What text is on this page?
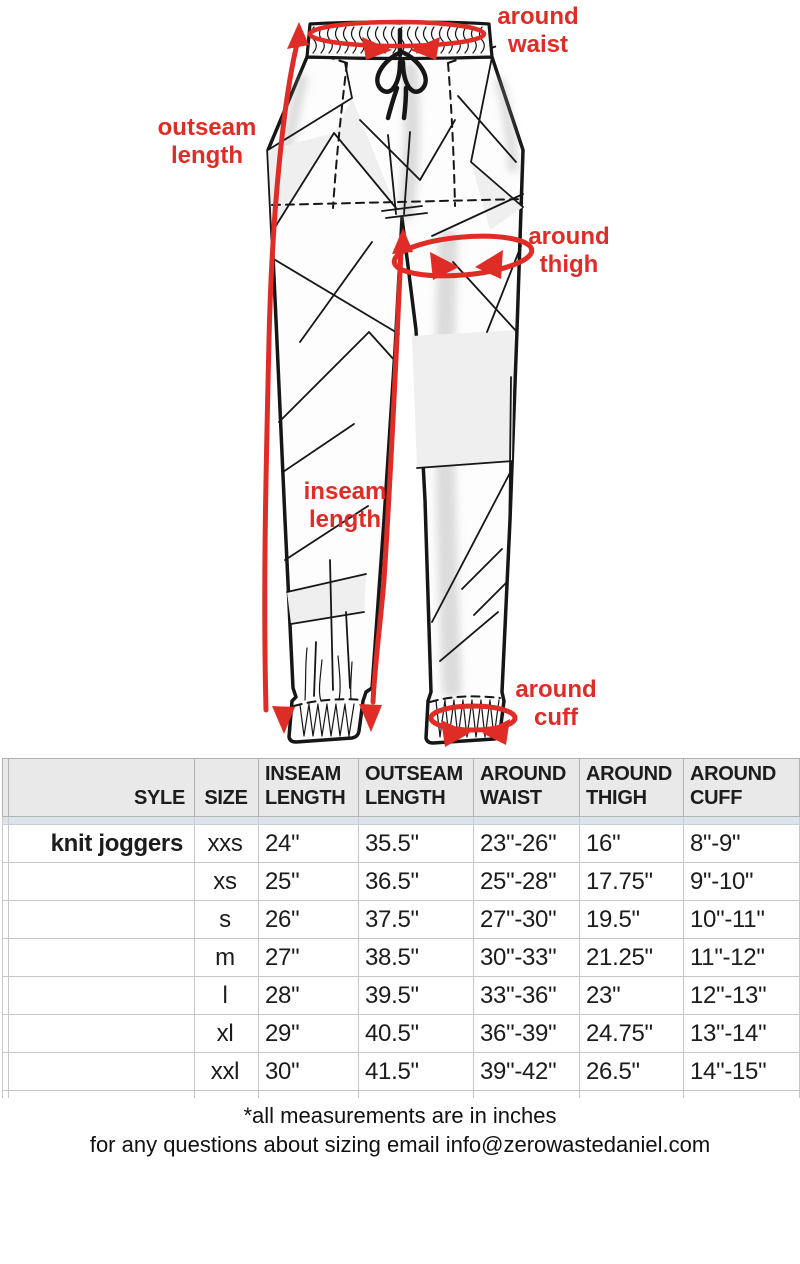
around
waist
outseam
length
around
thigh
inseam
length
around
cuff
	SYLE	SIZE	INSEAM LENGTH	OUTSEAM LENGTH	AROUND WAIST	AROUND THIGH	AROUND CUFF

	knit joggers	xxs	24"	35.5"	23"-26"	16"	8"-9"
		xs	25"	36.5"	25"-28"	17.75"	9"-10"
		s	26"	37.5"	27"-30"	19.5"	10"-11"
		m	27"	38.5"	30"-33"	21.25"	11"-12"
		l	28"	39.5"	33"-36"	23"	12"-13"
		xl	29"	40.5"	36"-39"	24.75"	13"-14"
		xxl	30"	41.5"	39"-42"	26.5"	14"-15"

*all measurements are in inches
for any questions about sizing email info@zerowastedaniel.com
